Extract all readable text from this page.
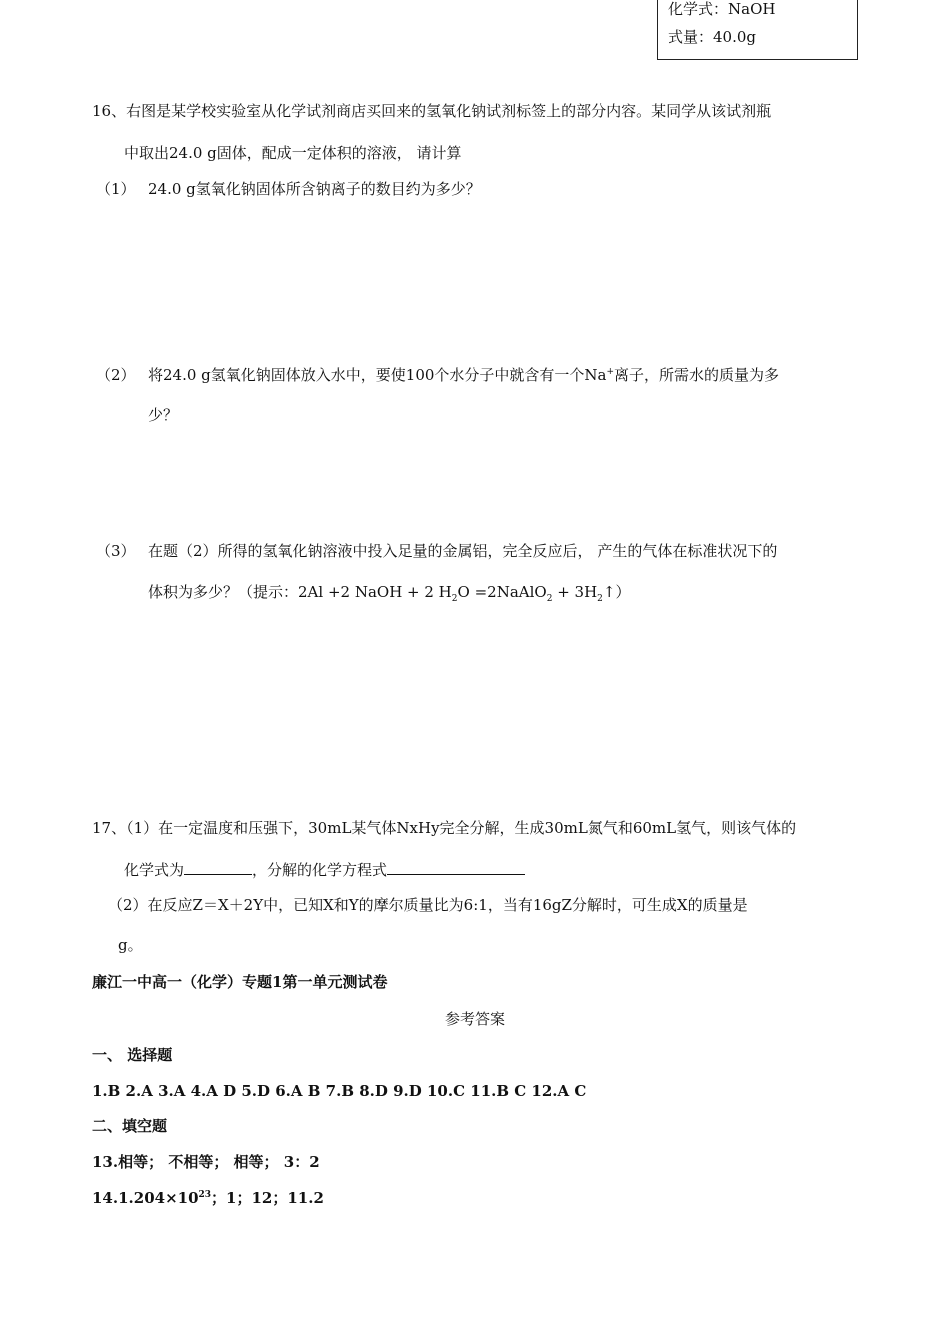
化学式：NaOH
式量：40.0g
16、右图是某学校实验室从化学试剂商店买回来的氢氧化钠试剂标签上的部分内容。某同学从该试剂瓶
中取出24.0 g固体，配成一定体积的溶液， 请计算
（1） 24.0 g氢氧化钠固体所含钠离子的数目约为多少？
（2） 将24.0 g氢氧化钠固体放入水中，要使100个水分子中就含有一个Na+离子，所需水的质量为多
少？
（3） 在题（2）所得的氢氧化钠溶液中投入足量的金属铝，完全反应后， 产生的气体在标准状况下的
体积为多少？（提示：2Al +2 NaOH + 2 $H_2O$ =2NaAlO$_2$ + $3H_2↑$）
17、（1）在一定温度和压强下，30mL某气体NxHy完全分解，生成30mL氮气和60mL氢气，则该气体的
化学式为	，分解的化学方程式
（2）在反应Z＝X＋2Y中，已知X和Y的摩尔质量比为6:1，当有16gZ分解时，可生成X的质量是
g。
廉江一中高一（化学）专题1第一单元测试卷
参考答案
一、 选择题
1.B 2.A 3.A 4.A D 5.D 6.A B 7.B 8.D 9.D 10.C 11.B C 12.A C
二、填空题
13.相等； 不相等； 相等； 3：2
$14.1.204\times 10^{23}$；1；12；11.2
